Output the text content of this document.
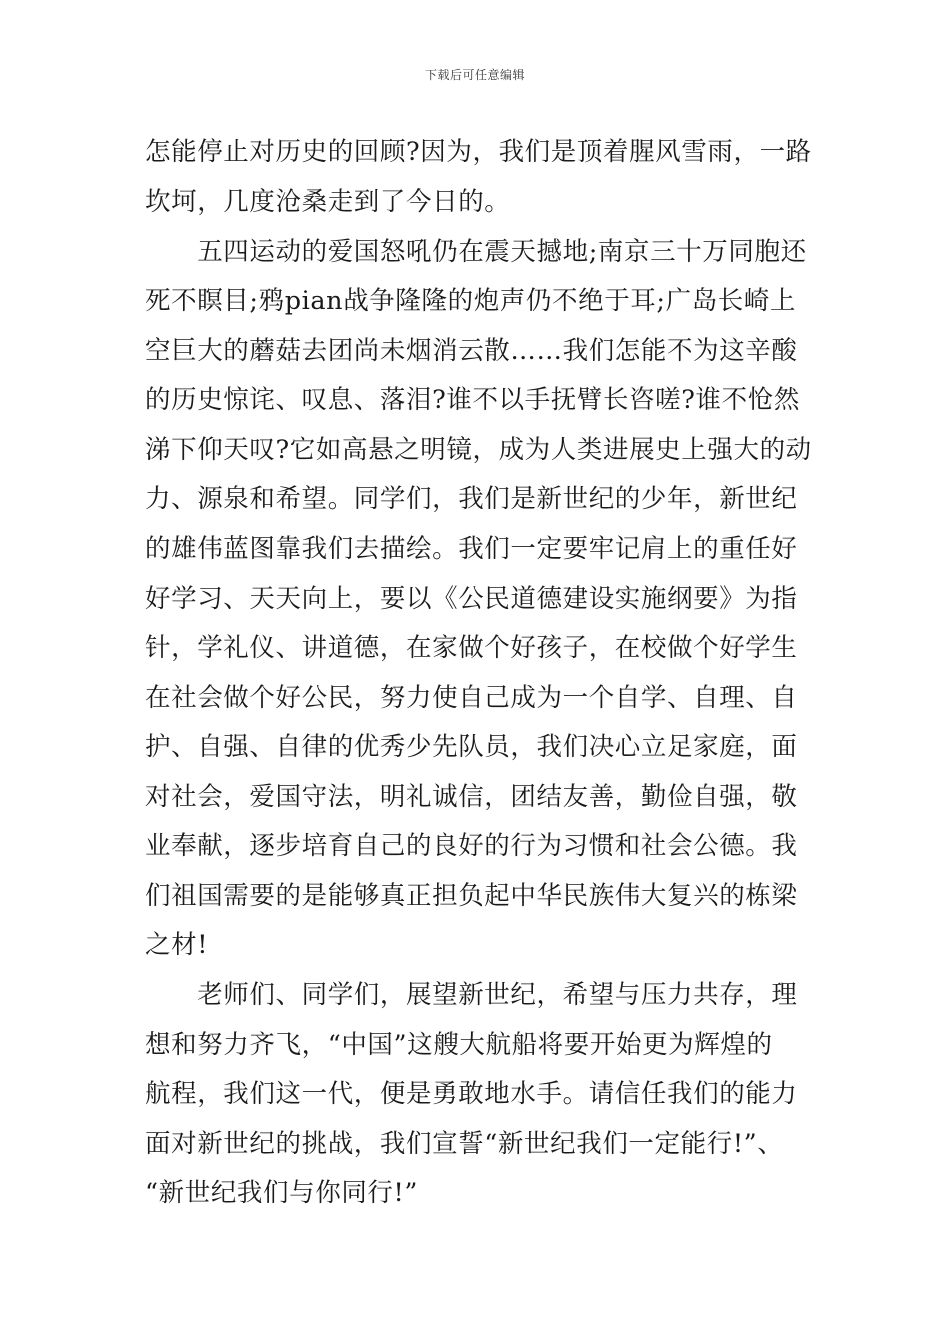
下载后可任意编辑
怎能停止对历史的回顾?因为，我们是顶着腥风雪雨，一路
坎坷，几度沧桑走到了今日的。
　　五四运动的爱国怒吼仍在震天撼地;南京三十万同胞还
死不瞑目;鸦pian战争隆隆的炮声仍不绝于耳;广岛长崎上
空巨大的蘑菇去团尚未烟消云散……我们怎能不为这辛酸
的历史惊诧、叹息、落泪?谁不以手抚臂长咨嗟?谁不怆然
涕下仰天叹?它如高悬之明镜，成为人类进展史上强大的动
力、源泉和希望。同学们，我们是新世纪的少年，新世纪
的雄伟蓝图靠我们去描绘。我们一定要牢记肩上的重任好
好学习、天天向上，要以《公民道德建设实施纲要》为指
针，学礼仪、讲道德，在家做个好孩子，在校做个好学生
在社会做个好公民，努力使自己成为一个自学、自理、自
护、自强、自律的优秀少先队员，我们决心立足家庭，面
对社会，爱国守法，明礼诚信，团结友善，勤俭自强，敬
业奉献，逐步培育自己的良好的行为习惯和社会公德。我
们祖国需要的是能够真正担负起中华民族伟大复兴的栋梁
之材!
　　老师们、同学们，展望新世纪，希望与压力共存，理
想和努力齐飞，“中国”这艘大航船将要开始更为辉煌的
航程，我们这一代，便是勇敢地水手。请信任我们的能力
面对新世纪的挑战，我们宣誓“新世纪我们一定能行!”、
“新世纪我们与你同行!”
